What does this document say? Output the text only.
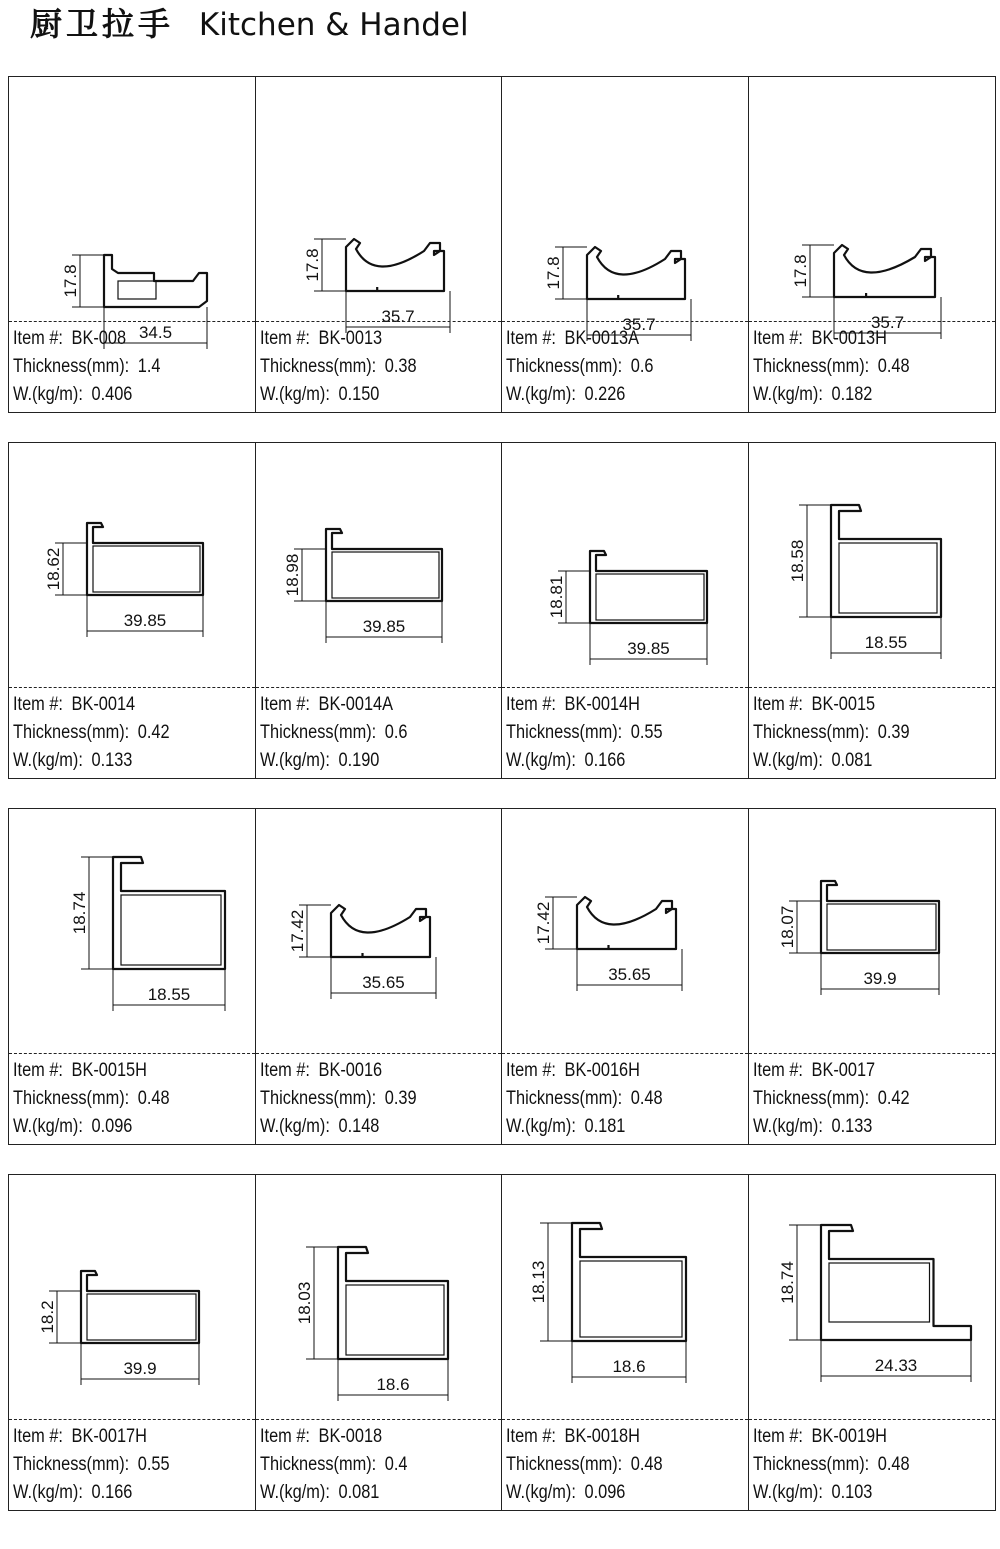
厨卫拉手 Kitchen & Handel
17.8
34.5
Item #: BK-008
Thickness(mm): 1.4
W.(kg/m): 0.406
17.8
35.7
Item #: BK-0013
Thickness(mm): 0.38
W.(kg/m): 0.150
17.8
35.7
Item #: BK-0013A
Thickness(mm): 0.6
W.(kg/m): 0.226
17.8
35.7
Item #: BK-0013H
Thickness(mm): 0.48
W.(kg/m): 0.182
18.62
39.85
Item #: BK-0014
Thickness(mm): 0.42
W.(kg/m): 0.133
18.98
39.85
Item #: BK-0014A
Thickness(mm): 0.6
W.(kg/m): 0.190
18.81
39.85
Item #: BK-0014H
Thickness(mm): 0.55
W.(kg/m): 0.166
18.58
18.55
Item #: BK-0015
Thickness(mm): 0.39
W.(kg/m): 0.081
18.74
18.55
Item #: BK-0015H
Thickness(mm): 0.48
W.(kg/m): 0.096
17.42
35.65
Item #: BK-0016
Thickness(mm): 0.39
W.(kg/m): 0.148
17.42
35.65
Item #: BK-0016H
Thickness(mm): 0.48
W.(kg/m): 0.181
18.07
39.9
Item #: BK-0017
Thickness(mm): 0.42
W.(kg/m): 0.133
18.2
39.9
Item #: BK-0017H
Thickness(mm): 0.55
W.(kg/m): 0.166
18.03
18.6
Item #: BK-0018
Thickness(mm): 0.4
W.(kg/m): 0.081
18.13
18.6
Item #: BK-0018H
Thickness(mm): 0.48
W.(kg/m): 0.096
18.74
24.33
Item #: BK-0019H
Thickness(mm): 0.48
W.(kg/m): 0.103
